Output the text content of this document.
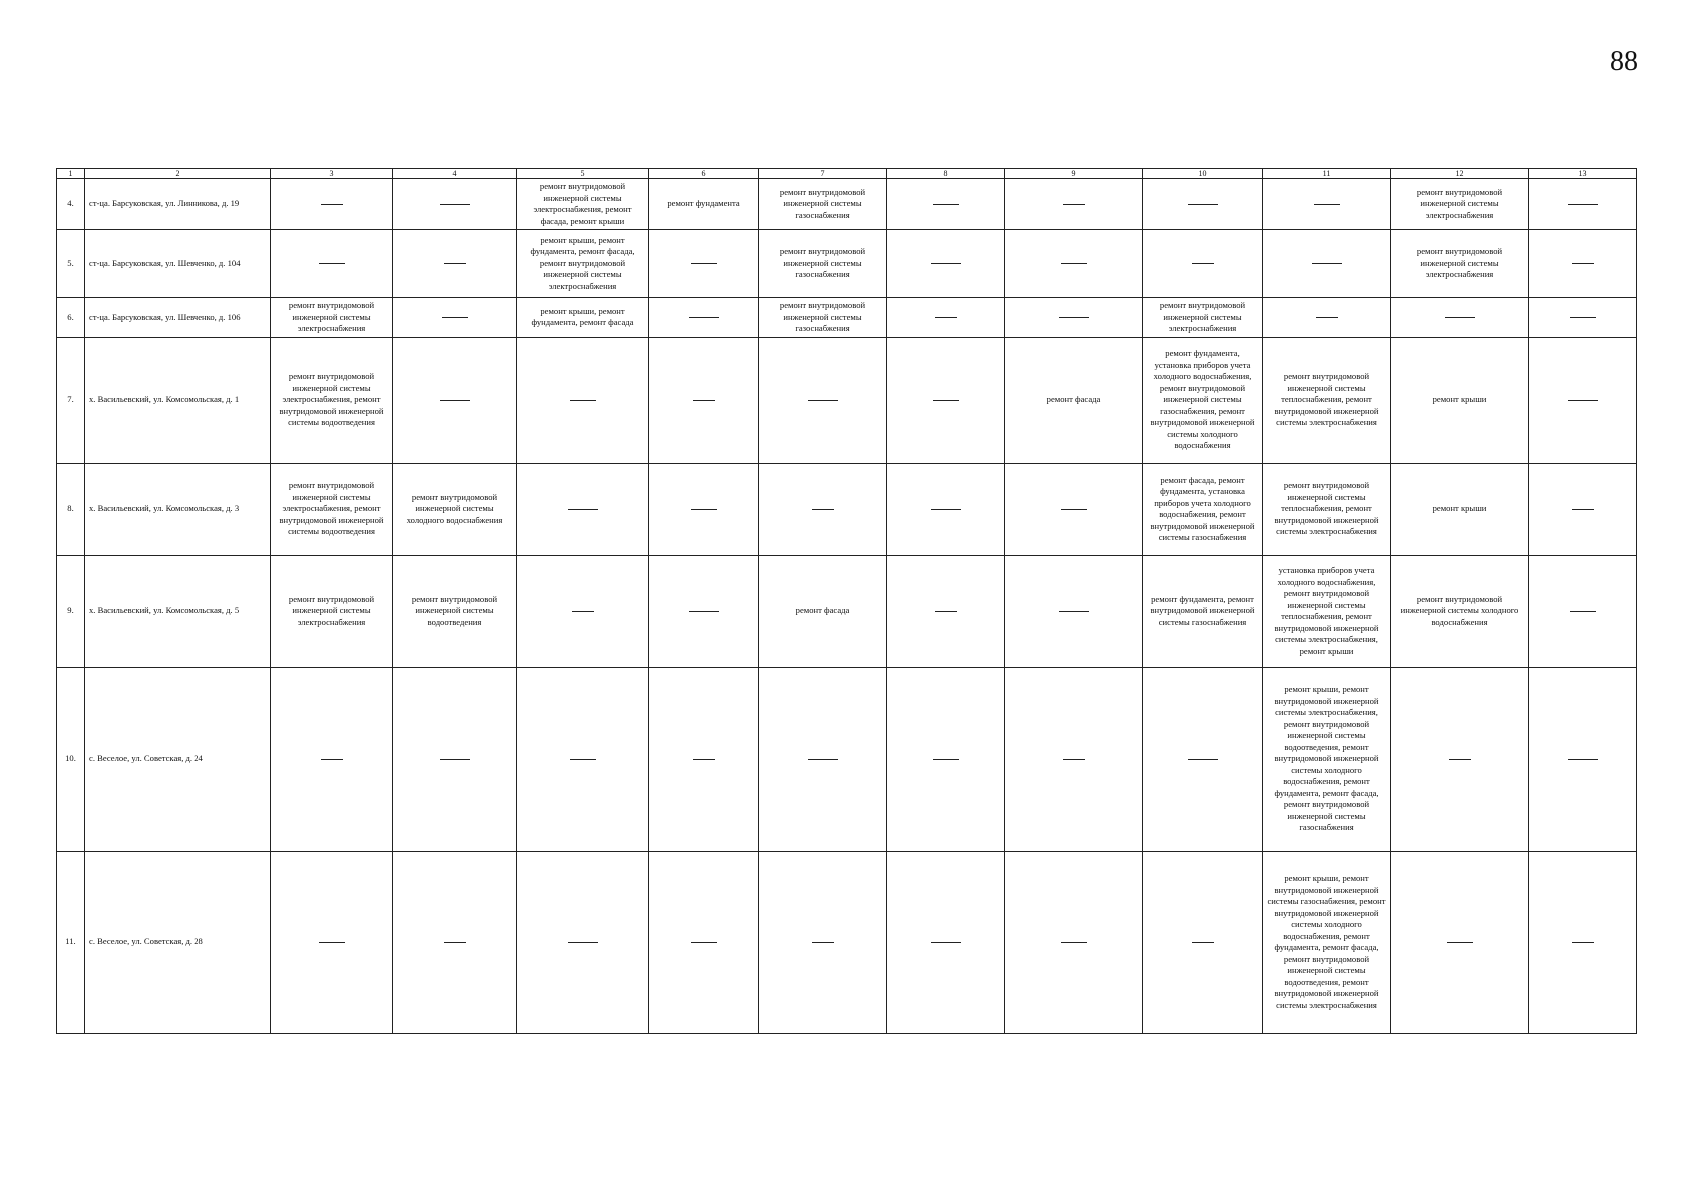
88
1	2	3	4	5	6	7	8	9	10	11	12	13
4.	ст-ца. Барсуковская, ул. Линникова, д. 19			ремонт внутридомовой инженерной системы электроснабжения, ремонт фасада, ремонт крыши	ремонт фундамента	ремонт внутридомовой инженерной системы газоснабжения					ремонт внутридомовой инженерной системы электроснабжения	
5.	ст-ца. Барсуковская, ул. Шевченко, д. 104			ремонт крыши, ремонт фундамента, ремонт фасада, ремонт внутридомовой инженерной системы электроснабжения		ремонт внутридомовой инженерной системы газоснабжения					ремонт внутридомовой инженерной системы электроснабжения	
6.	ст-ца. Барсуковская, ул. Шевченко, д. 106	ремонт внутридомовой инженерной системы электроснабжения		ремонт крыши, ремонт фундамента, ремонт фасада		ремонт внутридомовой инженерной системы газоснабжения			ремонт внутридомовой инженерной системы электроснабжения			
7.	х. Васильевский, ул. Комсомольская, д. 1	ремонт внутридомовой инженерной системы электроснабжения, ремонт внутридомовой инженерной системы водоотведения						ремонт фасада	ремонт фундамента, установка приборов учета холодного водоснабжения, ремонт внутридомовой инженерной системы газоснабжения, ремонт внутридомовой инженерной системы холодного водоснабжения	ремонт внутридомовой инженерной системы теплоснабжения, ремонт внутридомовой инженерной системы электроснабжения	ремонт крыши	
8.	х. Васильевский, ул. Комсомольская, д. 3	ремонт внутридомовой инженерной системы электроснабжения, ремонт внутридомовой инженерной системы водоотведения	ремонт внутридомовой инженерной системы холодного водоснабжения						ремонт фасада, ремонт фундамента, установка приборов учета холодного водоснабжения, ремонт внутридомовой инженерной системы газоснабжения	ремонт внутридомовой инженерной системы теплоснабжения, ремонт внутридомовой инженерной системы электроснабжения	ремонт крыши	
9.	х. Васильевский, ул. Комсомольская, д. 5	ремонт внутридомовой инженерной системы электроснабжения	ремонт внутридомовой инженерной системы водоотведения			ремонт фасада			ремонт фундамента, ремонт внутридомовой инженерной системы газоснабжения	установка приборов учета холодного водоснабжения, ремонт внутридомовой инженерной системы теплоснабжения, ремонт внутридомовой инженерной системы электроснабжения, ремонт крыши	ремонт внутридомовой инженерной системы холодного водоснабжения	
10.	с. Веселое, ул. Советская, д. 24									ремонт крыши, ремонт внутридомовой инженерной системы электроснабжения, ремонт внутридомовой инженерной системы водоотведения, ремонт внутридомовой инженерной системы холодного водоснабжения, ремонт фундамента, ремонт фасада, ремонт внутридомовой инженерной системы газоснабжения		
11.	с. Веселое, ул. Советская, д. 28									ремонт крыши, ремонт внутридомовой инженерной системы газоснабжения, ремонт внутридомовой инженерной системы холодного водоснабжения, ремонт фундамента, ремонт фасада, ремонт внутридомовой инженерной системы водоотведения, ремонт внутридомовой инженерной системы электроснабжения		
